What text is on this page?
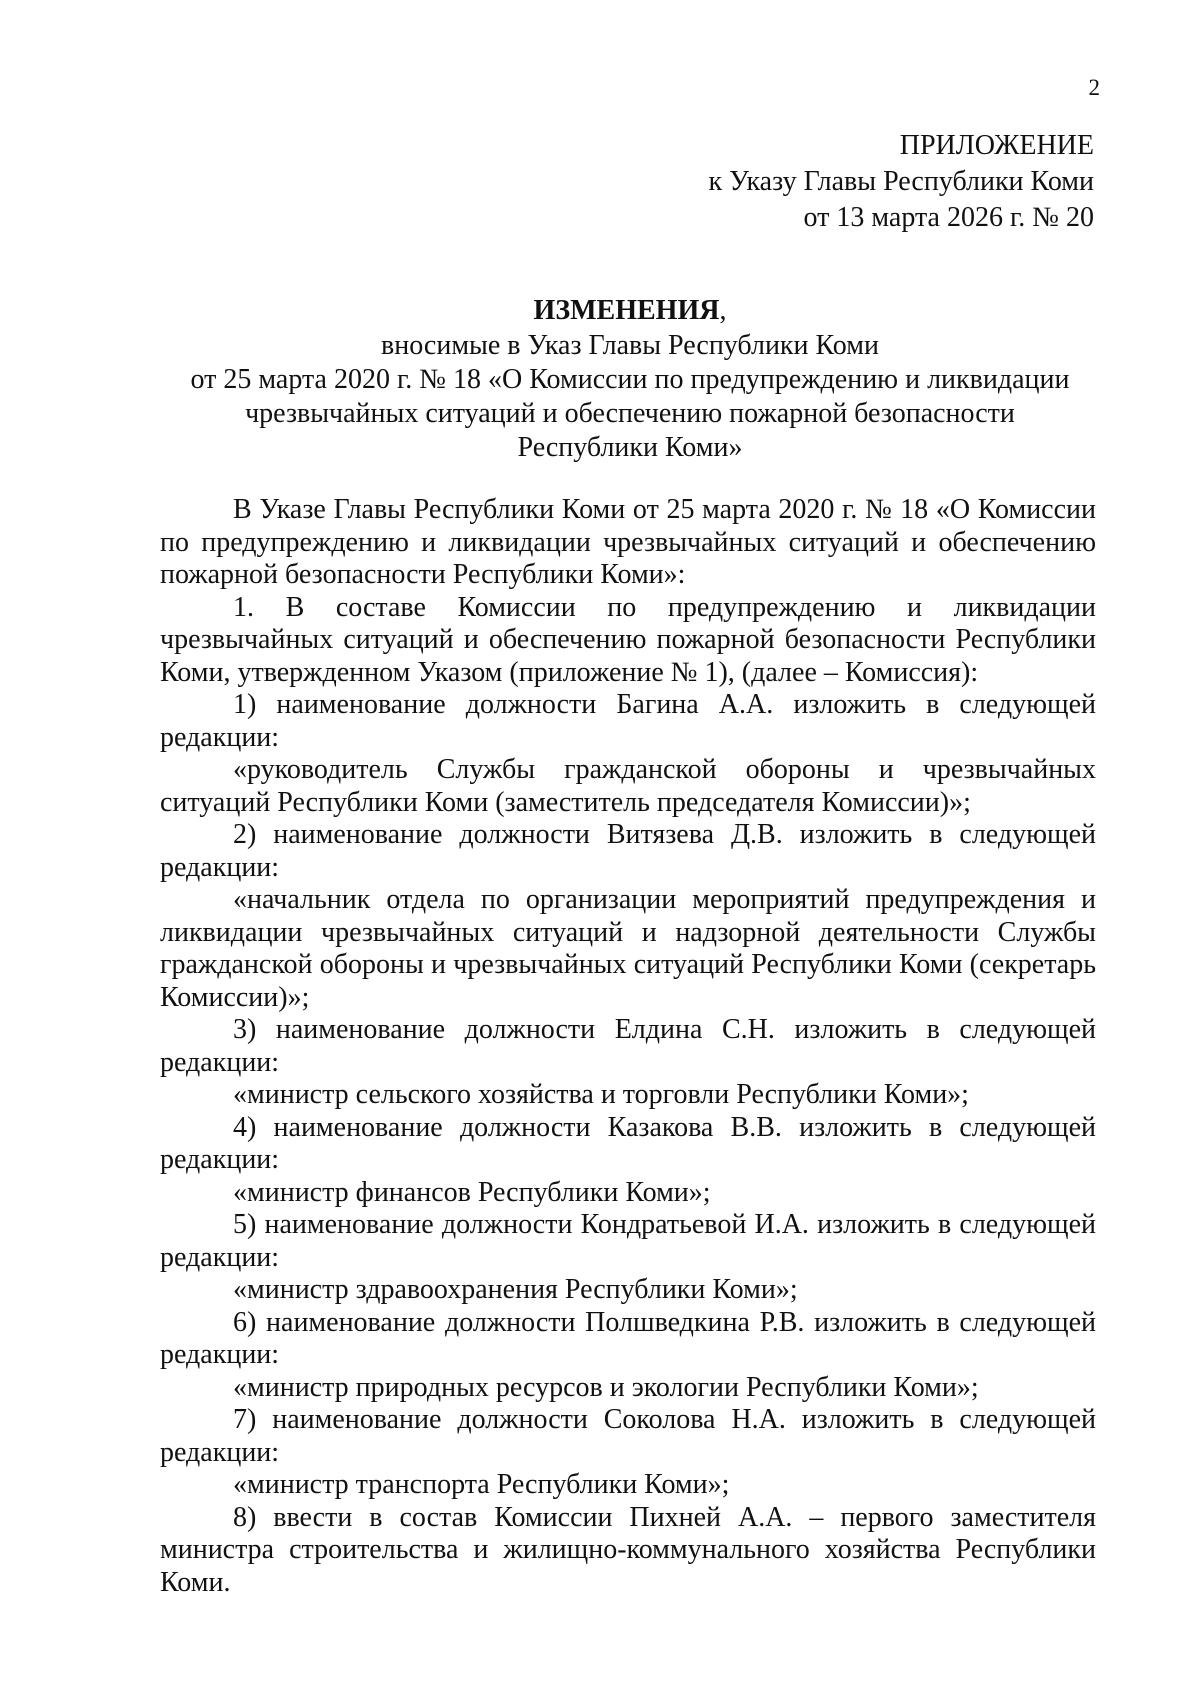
2
ПРИЛОЖЕНИЕ
к Указу Главы Республики Коми
от 13 марта 2026 г. № 20
ИЗМЕНЕНИЯ,
вносимые в Указ Главы Республики Коми
от 25 марта 2020 г. № 18 «О Комиссии по предупреждению и ликвидации
чрезвычайных ситуаций и обеспечению пожарной безопасности
Республики Коми»

В Указе Главы Республики Коми от 25 марта 2020 г. № 18 «О Комиссии по предупреждению и ликвидации чрезвычайных ситуаций и обеспечению пожарной безопасности Республики Коми»:

1. В составе Комиссии по предупреждению и ликвидации чрезвычайных ситуаций и обеспечению пожарной безопасности Республики Коми, утвержденном Указом (приложение № 1), (далее – Комиссия):

1) наименование должности Багина А.А. изложить в следующей редакции:

«руководитель Службы гражданской обороны и чрезвычайных ситуаций Республики Коми (заместитель председателя Комиссии)»;

2) наименование должности Витязева Д.В. изложить в следующей редакции:

«начальник отдела по организации мероприятий предупреждения и ликвидации чрезвычайных ситуаций и надзорной деятельности Службы гражданской обороны и чрезвычайных ситуаций Республики Коми (секретарь Комиссии)»;

3) наименование должности Елдина С.Н. изложить в следующей редакции:

«министр сельского хозяйства и торговли Республики Коми»;

4) наименование должности Казакова В.В. изложить в следующей редакции:

«министр финансов Республики Коми»;

5) наименование должности Кондратьевой И.А. изложить в следующей редакции:

«министр здравоохранения Республики Коми»;

6) наименование должности Полшведкина Р.В. изложить в следующей редакции:

«министр природных ресурсов и экологии Республики Коми»;

7) наименование должности Соколова Н.А. изложить в следующей редакции:

«министр транспорта Республики Коми»;

8) ввести в состав Комиссии Пихней А.А. – первого заместителя министра строительства и жилищно-коммунального хозяйства Республики Коми.
